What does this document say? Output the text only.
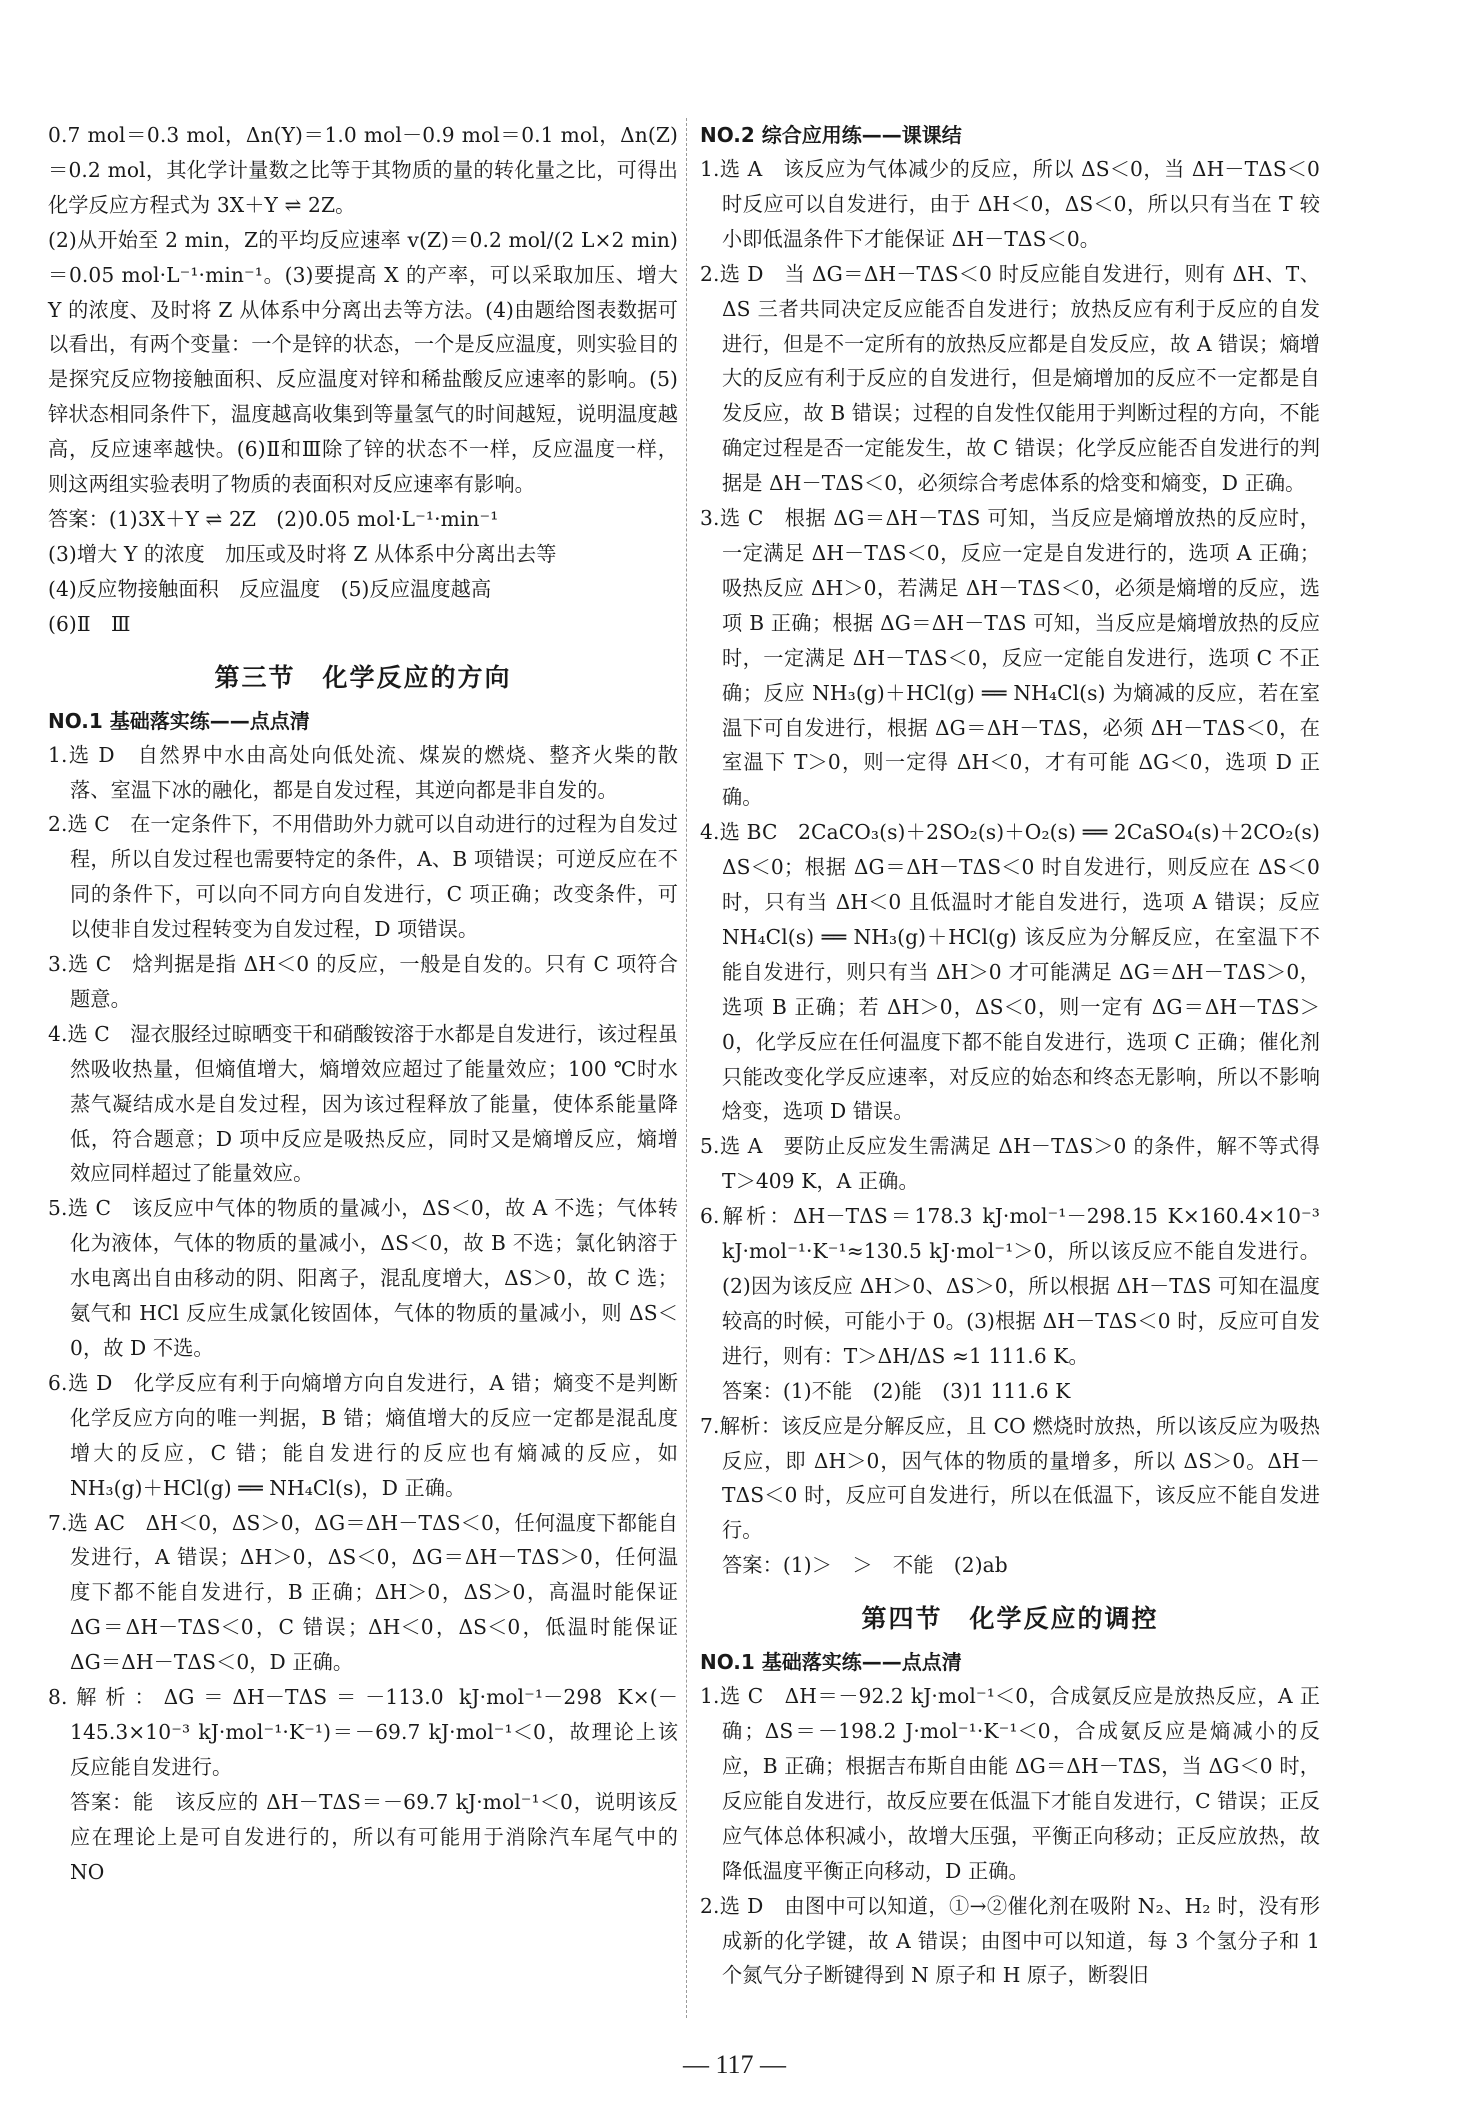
0.7 mol＝0.3 mol，Δn(Y)＝1.0 mol－0.9 mol＝0.1 mol，Δn(Z)＝0.2 mol，其化学计量数之比等于其物质的量的转化量之比，可得出化学反应方程式为 3X＋Y ⇌ 2Z。

(2)从开始至 2 min，Z的平均反应速率 v(Z)＝0.2 mol/(2 L×2 min)＝0.05 mol·L⁻¹·min⁻¹。(3)要提高 X 的产率，可以采取加压、增大 Y 的浓度、及时将 Z 从体系中分离出去等方法。(4)由题给图表数据可以看出，有两个变量：一个是锌的状态，一个是反应温度，则实验目的是探究反应物接触面积、反应温度对锌和稀盐酸反应速率的影响。(5)锌状态相同条件下，温度越高收集到等量氢气的时间越短，说明温度越高，反应速率越快。(6)Ⅱ和Ⅲ除了锌的状态不一样，反应温度一样，则这两组实验表明了物质的表面积对反应速率有影响。

答案：(1)3X＋Y ⇌ 2Z　(2)0.05 mol·L⁻¹·min⁻¹

(3)增大 Y 的浓度　加压或及时将 Z 从体系中分离出去等

(4)反应物接触面积　反应温度　(5)反应温度越高

(6)Ⅱ　Ⅲ

第三节　化学反应的方向
NO.1 基础落实练——点点清

1.选 D　自然界中水由高处向低处流、煤炭的燃烧、整齐火柴的散落、室温下冰的融化，都是自发过程，其逆向都是非自发的。

2.选 C　在一定条件下，不用借助外力就可以自动进行的过程为自发过程，所以自发过程也需要特定的条件，A、B 项错误；可逆反应在不同的条件下，可以向不同方向自发进行，C 项正确；改变条件，可以使非自发过程转变为自发过程，D 项错误。

3.选 C　焓判据是指 ΔH＜0 的反应，一般是自发的。只有 C 项符合题意。

4.选 C　湿衣服经过晾晒变干和硝酸铵溶于水都是自发进行，该过程虽然吸收热量，但熵值增大，熵增效应超过了能量效应；100 ℃时水蒸气凝结成水是自发过程，因为该过程释放了能量，使体系能量降低，符合题意；D 项中反应是吸热反应，同时又是熵增反应，熵增效应同样超过了能量效应。

5.选 C　该反应中气体的物质的量减小，ΔS＜0，故 A 不选；气体转化为液体，气体的物质的量减小，ΔS＜0，故 B 不选；氯化钠溶于水电离出自由移动的阴、阳离子，混乱度增大，ΔS＞0，故 C 选；氨气和 HCl 反应生成氯化铵固体，气体的物质的量减小，则 ΔS＜0，故 D 不选。

6.选 D　化学反应有利于向熵增方向自发进行，A 错；熵变不是判断化学反应方向的唯一判据，B 错；熵值增大的反应一定都是混乱度增大的反应，C 错；能自发进行的反应也有熵减的反应，如 NH₃(g)＋HCl(g) ══ NH₄Cl(s)，D 正确。

7.选 AC　ΔH＜0，ΔS＞0，ΔG＝ΔH－TΔS＜0，任何温度下都能自发进行，A 错误；ΔH＞0，ΔS＜0，ΔG＝ΔH－TΔS＞0，任何温度下都不能自发进行，B 正确；ΔH＞0，ΔS＞0，高温时能保证 ΔG＝ΔH－TΔS＜0，C 错误；ΔH＜0，ΔS＜0，低温时能保证 ΔG＝ΔH－TΔS＜0，D 正确。

8.解析：ΔG＝ΔH－TΔS＝－113.0 kJ·mol⁻¹－298 K×(－145.3×10⁻³ kJ·mol⁻¹·K⁻¹)＝－69.7 kJ·mol⁻¹＜0，故理论上该反应能自发进行。

答案：能　该反应的 ΔH－TΔS＝－69.7 kJ·mol⁻¹＜0，说明该反应在理论上是可自发进行的，所以有可能用于消除汽车尾气中的 NO

NO.2 综合应用练——课课结

1.选 A　该反应为气体减少的反应，所以 ΔS＜0，当 ΔH－TΔS＜0 时反应可以自发进行，由于 ΔH＜0，ΔS＜0，所以只有当在 T 较小即低温条件下才能保证 ΔH－TΔS＜0。

2.选 D　当 ΔG＝ΔH－TΔS＜0 时反应能自发进行，则有 ΔH、T、ΔS 三者共同决定反应能否自发进行；放热反应有利于反应的自发进行，但是不一定所有的放热反应都是自发反应，故 A 错误；熵增大的反应有利于反应的自发进行，但是熵增加的反应不一定都是自发反应，故 B 错误；过程的自发性仅能用于判断过程的方向，不能确定过程是否一定能发生，故 C 错误；化学反应能否自发进行的判据是 ΔH－TΔS＜0，必须综合考虑体系的焓变和熵变，D 正确。

3.选 C　根据 ΔG＝ΔH－TΔS 可知，当反应是熵增放热的反应时，一定满足 ΔH－TΔS＜0，反应一定是自发进行的，选项 A 正确；吸热反应 ΔH＞0，若满足 ΔH－TΔS＜0，必须是熵增的反应，选项 B 正确；根据 ΔG＝ΔH－TΔS 可知，当反应是熵增放热的反应时，一定满足 ΔH－TΔS＜0，反应一定能自发进行，选项 C 不正确；反应 NH₃(g)＋HCl(g) ══ NH₄Cl(s) 为熵减的反应，若在室温下可自发进行，根据 ΔG＝ΔH－TΔS，必须 ΔH－TΔS＜0，在室温下 T＞0，则一定得 ΔH＜0，才有可能 ΔG＜0，选项 D 正确。

4.选 BC　2CaCO₃(s)＋2SO₂(s)＋O₂(s) ══ 2CaSO₄(s)＋2CO₂(s)　ΔS＜0；根据 ΔG＝ΔH－TΔS＜0 时自发进行，则反应在 ΔS＜0 时，只有当 ΔH＜0 且低温时才能自发进行，选项 A 错误；反应 NH₄Cl(s) ══ NH₃(g)＋HCl(g) 该反应为分解反应，在室温下不能自发进行，则只有当 ΔH＞0 才可能满足 ΔG＝ΔH－TΔS＞0，选项 B 正确；若 ΔH＞0，ΔS＜0，则一定有 ΔG＝ΔH－TΔS＞0，化学反应在任何温度下都不能自发进行，选项 C 正确；催化剂只能改变化学反应速率，对反应的始态和终态无影响，所以不影响焓变，选项 D 错误。

5.选 A　要防止反应发生需满足 ΔH－TΔS＞0 的条件，解不等式得 T＞409 K，A 正确。

6.解析：ΔH－TΔS＝178.3 kJ·mol⁻¹－298.15 K×160.4×10⁻³ kJ·mol⁻¹·K⁻¹≈130.5 kJ·mol⁻¹＞0，所以该反应不能自发进行。(2)因为该反应 ΔH＞0、ΔS＞0，所以根据 ΔH－TΔS 可知在温度较高的时候，可能小于 0。(3)根据 ΔH－TΔS＜0 时，反应可自发进行，则有：T＞ΔH/ΔS ≈1 111.6 K。

答案：(1)不能　(2)能　(3)1 111.6 K

7.解析：该反应是分解反应，且 CO 燃烧时放热，所以该反应为吸热反应，即 ΔH＞0，因气体的物质的量增多，所以 ΔS＞0。ΔH－TΔS＜0 时，反应可自发进行，所以在低温下，该反应不能自发进行。

答案：(1)＞　＞　不能　(2)ab

第四节　化学反应的调控
NO.1 基础落实练——点点清

1.选 C　ΔH＝－92.2 kJ·mol⁻¹＜0，合成氨反应是放热反应，A 正确；ΔS＝－198.2 J·mol⁻¹·K⁻¹＜0，合成氨反应是熵减小的反应，B 正确；根据吉布斯自由能 ΔG＝ΔH－TΔS，当 ΔG＜0 时，反应能自发进行，故反应要在低温下才能自发进行，C 错误；正反应气体总体积减小，故增大压强，平衡正向移动；正反应放热，故降低温度平衡正向移动，D 正确。

2.选 D　由图中可以知道，①→②催化剂在吸附 N₂、H₂ 时，没有形成新的化学键，故 A 错误；由图中可以知道，每 3 个氢分子和 1 个氮气分子断键得到 N 原子和 H 原子，断裂旧

— 117 —
